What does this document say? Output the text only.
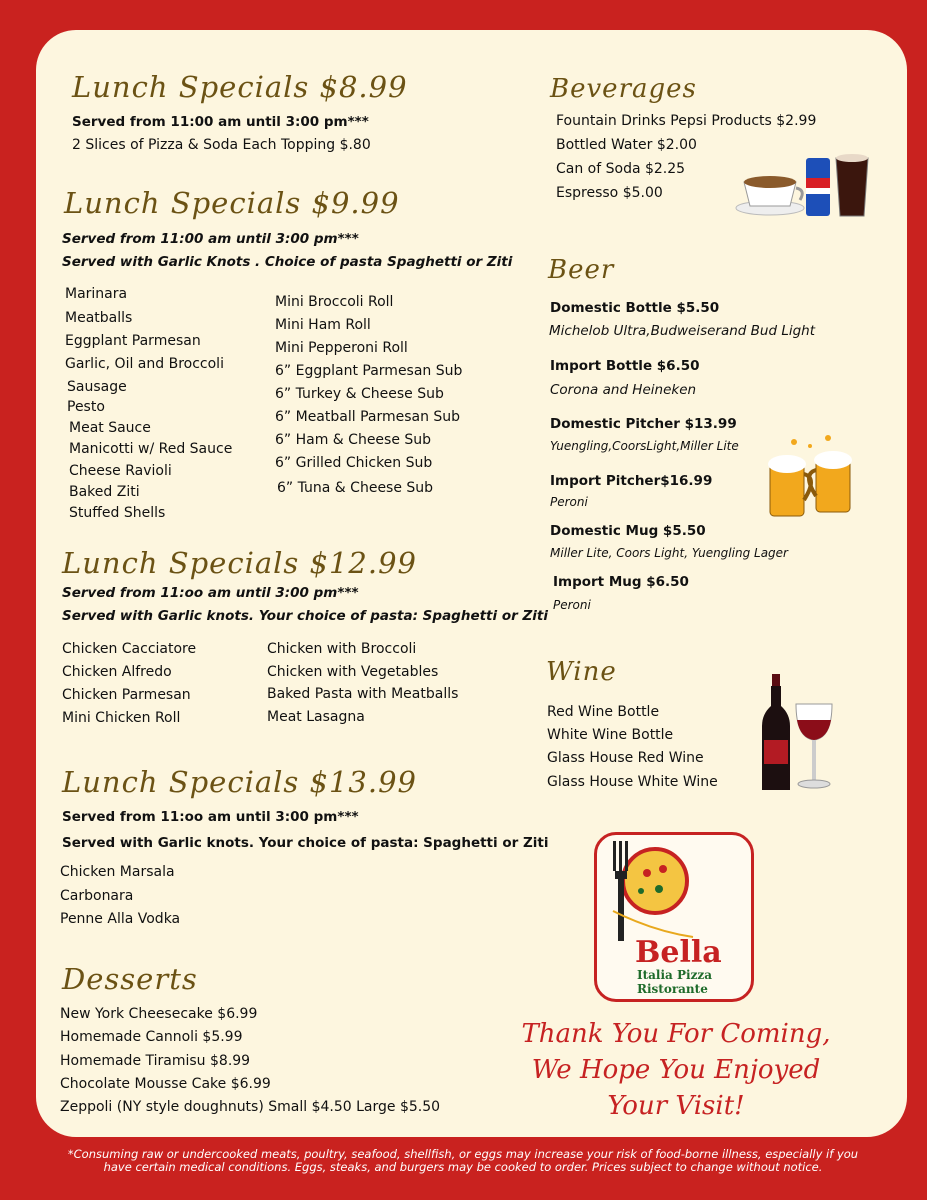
Lunch Specials $8.99
Served from 11:00 am until 3:00 pm***
2 Slices of Pizza & Soda Each Topping $.80
Lunch Specials $9.99
Served from 11:00 am until 3:00 pm***
Served with Garlic Knots . Choice of pasta Spaghetti or Ziti
Marinara
Meatballs
Eggplant Parmesan
Garlic, Oil and Broccoli
Sausage
Pesto
Meat Sauce
Manicotti w/ Red Sauce
Cheese Ravioli
Baked Ziti
Stuffed Shells
Mini Broccoli Roll
Mini Ham Roll
Mini Pepperoni Roll
6” Eggplant Parmesan Sub
6” Turkey & Cheese Sub
6” Meatball Parmesan Sub
6” Ham & Cheese Sub
6” Grilled Chicken Sub
6” Tuna & Cheese Sub
Lunch Specials $12.99
Served from 11:oo am until 3:00 pm***
Served with Garlic knots. Your choice of pasta: Spaghetti or Ziti
Chicken Cacciatore
Chicken Alfredo
Chicken Parmesan
Mini Chicken Roll
Chicken with Broccoli
Chicken with Vegetables
Baked Pasta with Meatballs
Meat Lasagna
Lunch Specials $13.99
Served from 11:oo am until 3:00 pm***
Served with Garlic knots. Your choice of pasta: Spaghetti or Ziti
Chicken Marsala
Carbonara
Penne Alla Vodka
Desserts
New York Cheesecake $6.99
Homemade Cannoli $5.99
Homemade Tiramisu $8.99
Chocolate Mousse Cake $6.99
Zeppoli (NY style doughnuts) Small $4.50 Large $5.50
Beverages
Fountain Drinks Pepsi Products $2.99
Bottled Water $2.00
Can of Soda $2.25
Espresso $5.00
Beer
Domestic Bottle $5.50
Michelob Ultra,Budweiserand Bud Light
Import Bottle $6.50
Corona and Heineken
Domestic Pitcher $13.99
Yuengling,CoorsLight,Miller Lite
Import Pitcher$16.99
Peroni
Domestic Mug $5.50
Miller Lite, Coors Light, Yuengling Lager
Import Mug $6.50
Peroni
Wine
Red Wine Bottle
White Wine Bottle
Glass House Red Wine
Glass House White Wine
Bella
Italia Pizza
Ristorante
Thank You For Coming,
We Hope You Enjoyed
Your Visit!
*Consuming raw or undercooked meats, poultry, seafood, shellfish, or eggs may increase your risk of food-borne illness, especially if you
have certain medical conditions. Eggs, steaks, and burgers may be cooked to order. Prices subject to change without notice.
